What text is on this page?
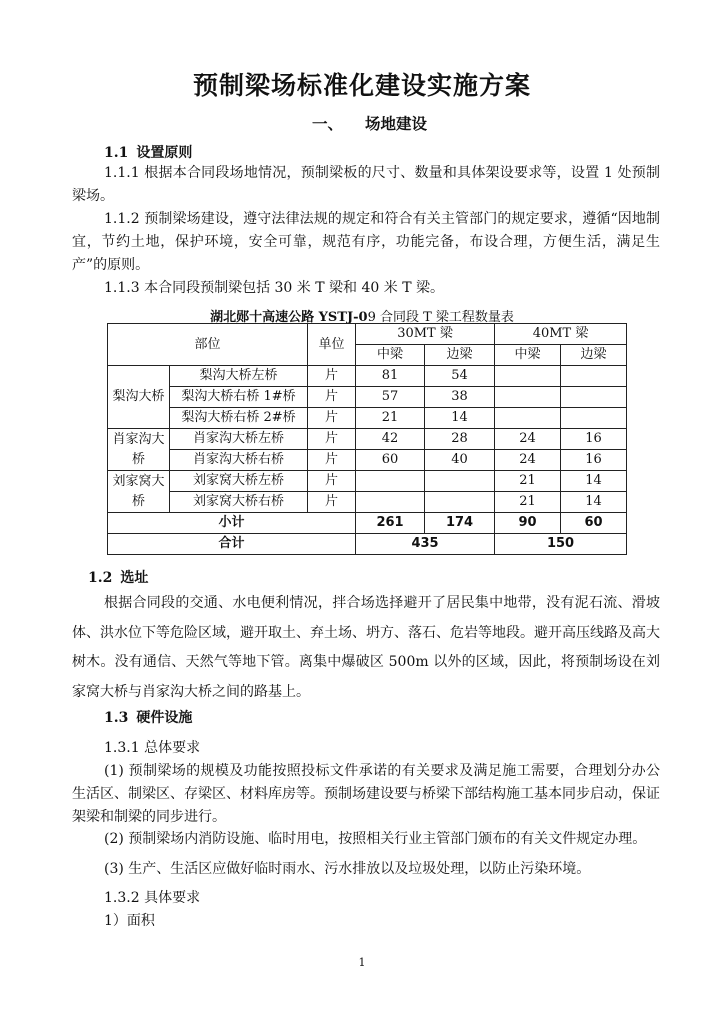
预制梁场标准化建设实施方案
一、 场地建设
1.1 设置原则

1.1.1 根据本合同段场地情况，预制梁板的尺寸、数量和具体架设要求等，设置 1 处预制梁场。

1.1.2 预制梁场建设，遵守法律法规的规定和符合有关主管部门的规定要求，遵循“因地制宜，节约土地，保护环境，安全可靠，规范有序，功能完备，布设合理，方便生活，满足生产”的原则。

1.1.3 本合同段预制梁包括 30 米 T 梁和 40 米 T 梁。

湖北郧十高速公路 YSTJ-09 合同段 T 梁工程数量表
部位		单位	30MT 梁		40MT 梁	
			中梁	边梁	中梁	边梁
梨沟大桥	梨沟大桥左桥	片	81	54		
	梨沟大桥右桥 1#桥	片	57	38		
	梨沟大桥右桥 2#桥	片	21	14		
肖家沟大桥	肖家沟大桥左桥	片	42	28	24	16
	肖家沟大桥右桥	片	60	40	24	16
刘家窝大桥	刘家窝大桥左桥	片			21	14
	刘家窝大桥右桥	片			21	14
小计			261	174	90	60
合计			435		150	
1.2 选址

根据合同段的交通、水电便利情况，拌合场选择避开了居民集中地带，没有泥石流、滑坡体、洪水位下等危险区域，避开取土、弃土场、坍方、落石、危岩等地段。避开高压线路及高大树木。没有通信、天然气等地下管。离集中爆破区 500m 以外的区域，因此，将预制场设在刘家窝大桥与肖家沟大桥之间的路基上。

1.3 硬件设施
1.3.1 总体要求

(1) 预制梁场的规模及功能按照投标文件承诺的有关要求及满足施工需要，合理划分办公生活区、制梁区、存梁区、材料库房等。预制场建设要与桥梁下部结构施工基本同步启动，保证架梁和制梁的同步进行。

(2) 预制梁场内消防设施、临时用电，按照相关行业主管部门颁布的有关文件规定办理。
(3) 生产、生活区应做好临时雨水、污水排放以及垃圾处理，以防止污染环境。
1.3.2 具体要求
1）面积
1
